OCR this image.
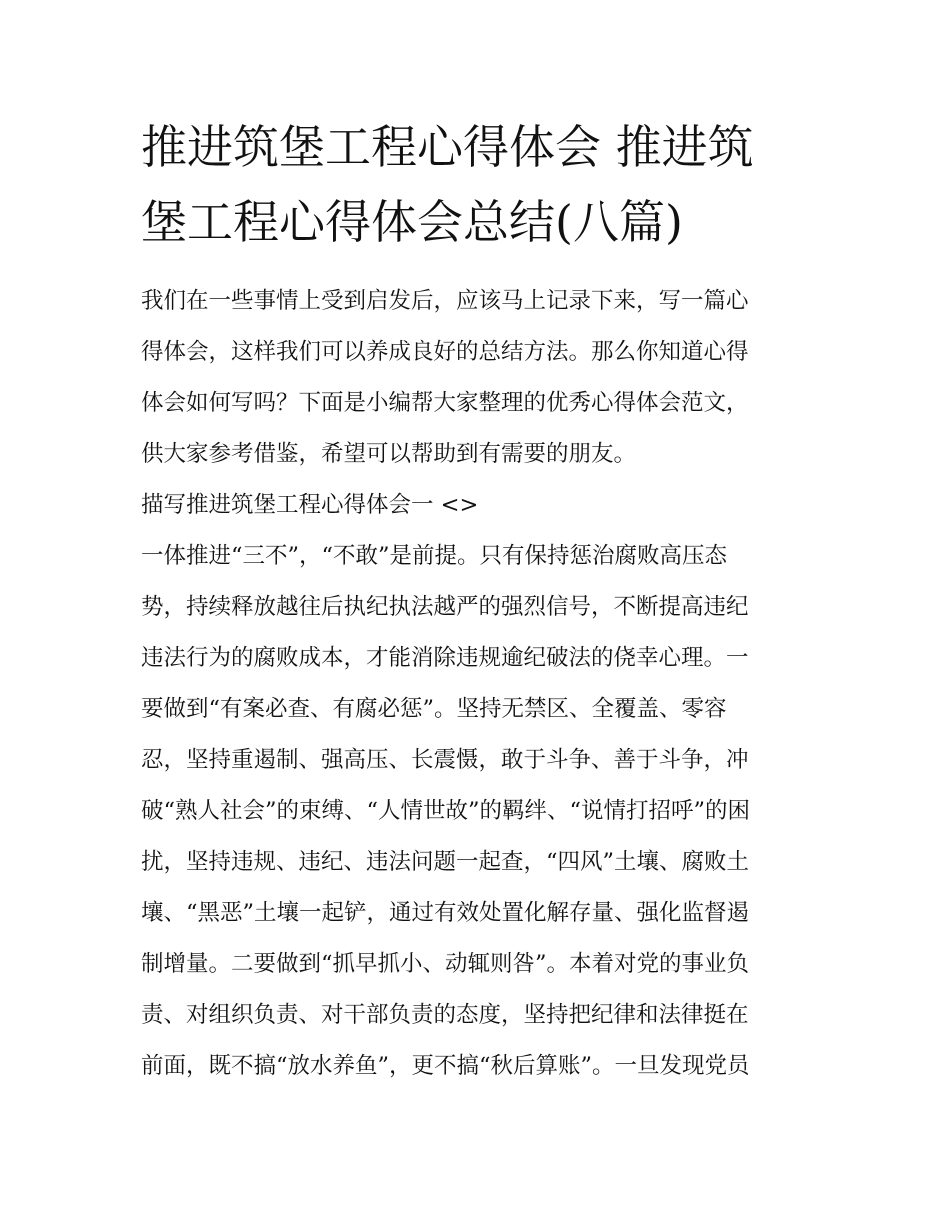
推进筑堡工程心得体会 推进筑
堡工程心得体会总结(八篇)
我们在一些事情上受到启发后，应该马上记录下来，写一篇心
得体会，这样我们可以养成良好的总结方法。那么你知道心得
体会如何写吗？下面是小编帮大家整理的优秀心得体会范文，
供大家参考借鉴，希望可以帮助到有需要的朋友。
描写推进筑堡工程心得体会一 <>
一体推进“三不”，“不敢”是前提。只有保持惩治腐败高压态
势，持续释放越往后执纪执法越严的强烈信号，不断提高违纪
违法行为的腐败成本，才能消除违规逾纪破法的侥幸心理。一
要做到“有案必查、有腐必惩”。坚持无禁区、全覆盖、零容
忍，坚持重遏制、强高压、长震慑，敢于斗争、善于斗争，冲
破“熟人社会”的束缚、“人情世故”的羁绊、“说情打招呼”的困
扰，坚持违规、违纪、违法问题一起查，“四风”土壤、腐败土
壤、“黑恶”土壤一起铲，通过有效处置化解存量、强化监督遏
制增量。二要做到“抓早抓小、动辄则咎”。本着对党的事业负
责、对组织负责、对干部负责的态度，坚持把纪律和法律挺在
前面，既不搞“放水养鱼”，更不搞“秋后算账”。一旦发现党员
